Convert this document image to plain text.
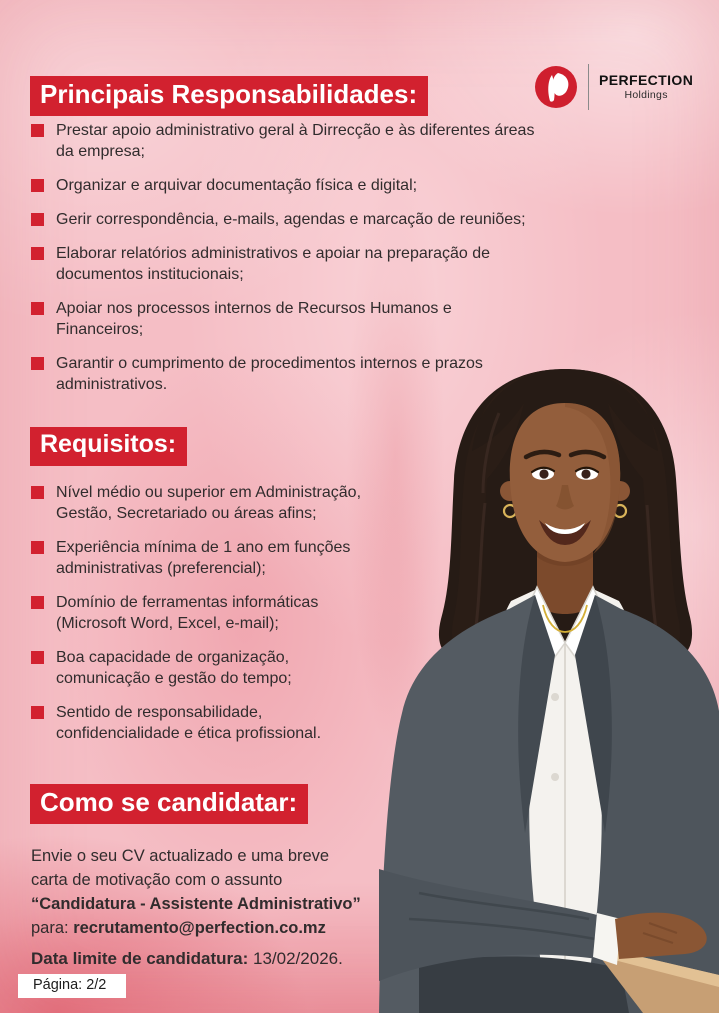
PERFECTION
Holdings
Principais Responsabilidades:
Prestar apoio administrativo geral à Dirrecção e às diferentes áreas da empresa;
Organizar e arquivar documentação física e digital;
Gerir correspondência, e-mails, agendas e marcação de reuniões;
Elaborar relatórios administrativos e apoiar na preparação de documentos institucionais;
Apoiar nos processos internos de Recursos Humanos e Financeiros;
Garantir o cumprimento de procedimentos internos e prazos administrativos.
Requisitos:
Nível médio ou superior em Administração, Gestão, Secretariado ou áreas afins;
Experiência mínima de 1 ano em funções administrativas (preferencial);
Domínio de ferramentas informáticas (Microsoft Word, Excel, e-mail);
Boa capacidade de organização, comunicação e gestão do tempo;
Sentido de responsabilidade, confidencialidade e ética profissional.
Como se candidatar:
Envie o seu CV actualizado e uma breve carta de motivação com o assunto
“Candidatura - Assistente Administrativo”
para: recrutamento@perfection.co.mz
Data limite de candidatura: 13/02/2026.
Página: 2/2
